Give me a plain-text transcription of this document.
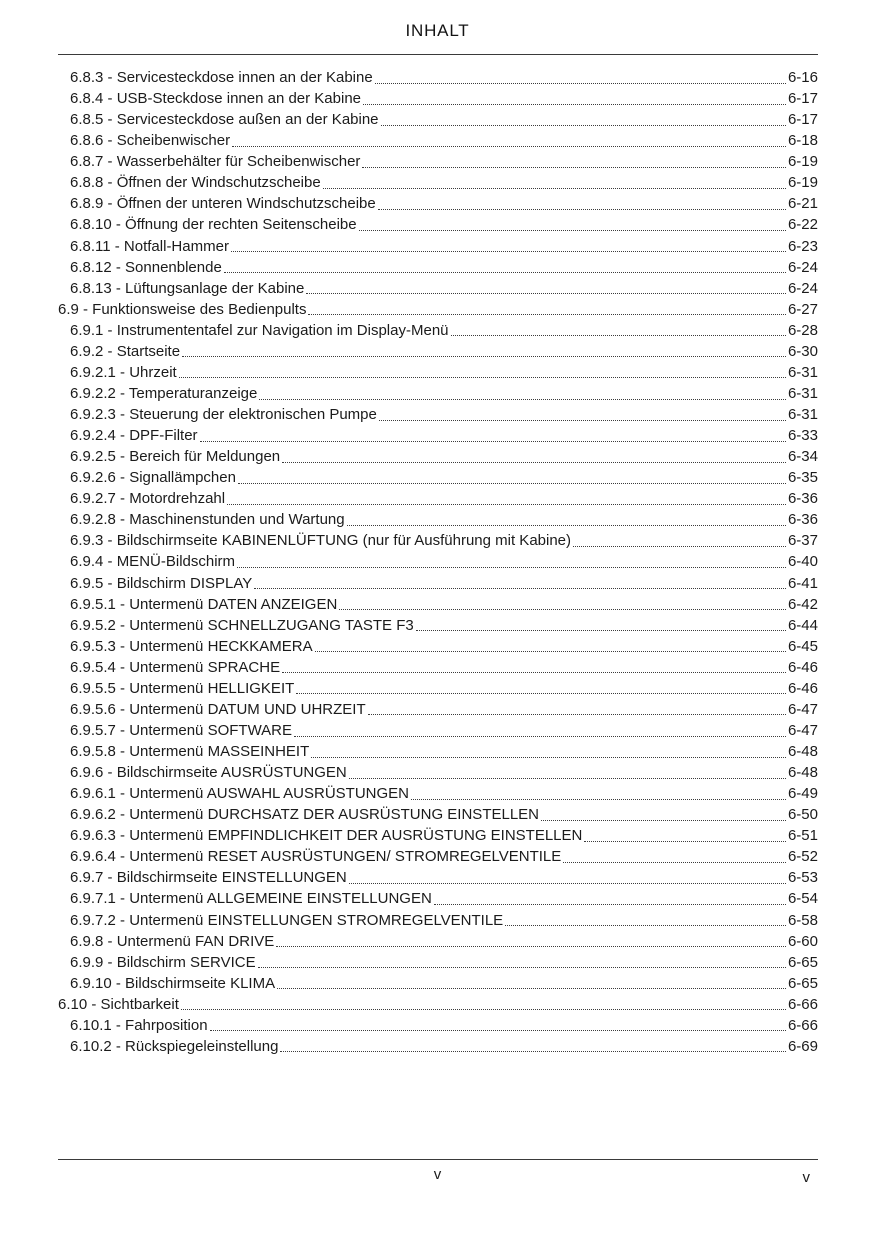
INHALT
6.8.3 - Servicesteckdose innen an der Kabine	6-16
6.8.4 - USB-Steckdose innen an der Kabine	6-17
6.8.5 - Servicesteckdose außen an der Kabine	6-17
6.8.6 - Scheibenwischer	6-18
6.8.7 - Wasserbehälter für Scheibenwischer	6-19
6.8.8 - Öffnen der Windschutzscheibe	6-19
6.8.9 - Öffnen der unteren Windschutzscheibe	6-21
6.8.10 - Öffnung der rechten Seitenscheibe	6-22
6.8.11 - Notfall-Hammer	6-23
6.8.12 - Sonnenblende	6-24
6.8.13 - Lüftungsanlage der Kabine	6-24
6.9 - Funktionsweise des Bedienpults	6-27
6.9.1 - Instrumententafel zur Navigation im Display-Menü	6-28
6.9.2 - Startseite	6-30
6.9.2.1 - Uhrzeit	6-31
6.9.2.2 - Temperaturanzeige	6-31
6.9.2.3 - Steuerung der elektronischen Pumpe	6-31
6.9.2.4 - DPF-Filter	6-33
6.9.2.5 - Bereich für Meldungen	6-34
6.9.2.6 - Signallämpchen	6-35
6.9.2.7 - Motordrehzahl	6-36
6.9.2.8 - Maschinenstunden und Wartung	6-36
6.9.3 - Bildschirmseite KABINENLÜFTUNG (nur für Ausführung mit Kabine)	6-37
6.9.4 - MENÜ-Bildschirm	6-40
6.9.5 - Bildschirm DISPLAY	6-41
6.9.5.1 - Untermenü DATEN ANZEIGEN	6-42
6.9.5.2 - Untermenü SCHNELLZUGANG TASTE F3	6-44
6.9.5.3 - Untermenü HECKKAMERA	6-45
6.9.5.4 - Untermenü SPRACHE	6-46
6.9.5.5 - Untermenü HELLIGKEIT	6-46
6.9.5.6 - Untermenü DATUM UND UHRZEIT	6-47
6.9.5.7 - Untermenü SOFTWARE	6-47
6.9.5.8 - Untermenü MASSEINHEIT	6-48
6.9.6 - Bildschirmseite AUSRÜSTUNGEN	6-48
6.9.6.1 - Untermenü AUSWAHL AUSRÜSTUNGEN	6-49
6.9.6.2 - Untermenü DURCHSATZ DER AUSRÜSTUNG EINSTELLEN	6-50
6.9.6.3 - Untermenü EMPFINDLICHKEIT DER AUSRÜSTUNG EINSTELLEN	6-51
6.9.6.4 - Untermenü RESET AUSRÜSTUNGEN/ STROMREGELVENTILE	6-52
6.9.7 - Bildschirmseite EINSTELLUNGEN	6-53
6.9.7.1 - Untermenü ALLGEMEINE EINSTELLUNGEN	6-54
6.9.7.2 - Untermenü EINSTELLUNGEN STROMREGELVENTILE	6-58
6.9.8 - Untermenü FAN DRIVE	6-60
6.9.9 - Bildschirm SERVICE	6-65
6.9.10 - Bildschirmseite KLIMA	6-65
6.10 - Sichtbarkeit	6-66
6.10.1 - Fahrposition	6-66
6.10.2 - Rückspiegeleinstellung	6-69
v	v
